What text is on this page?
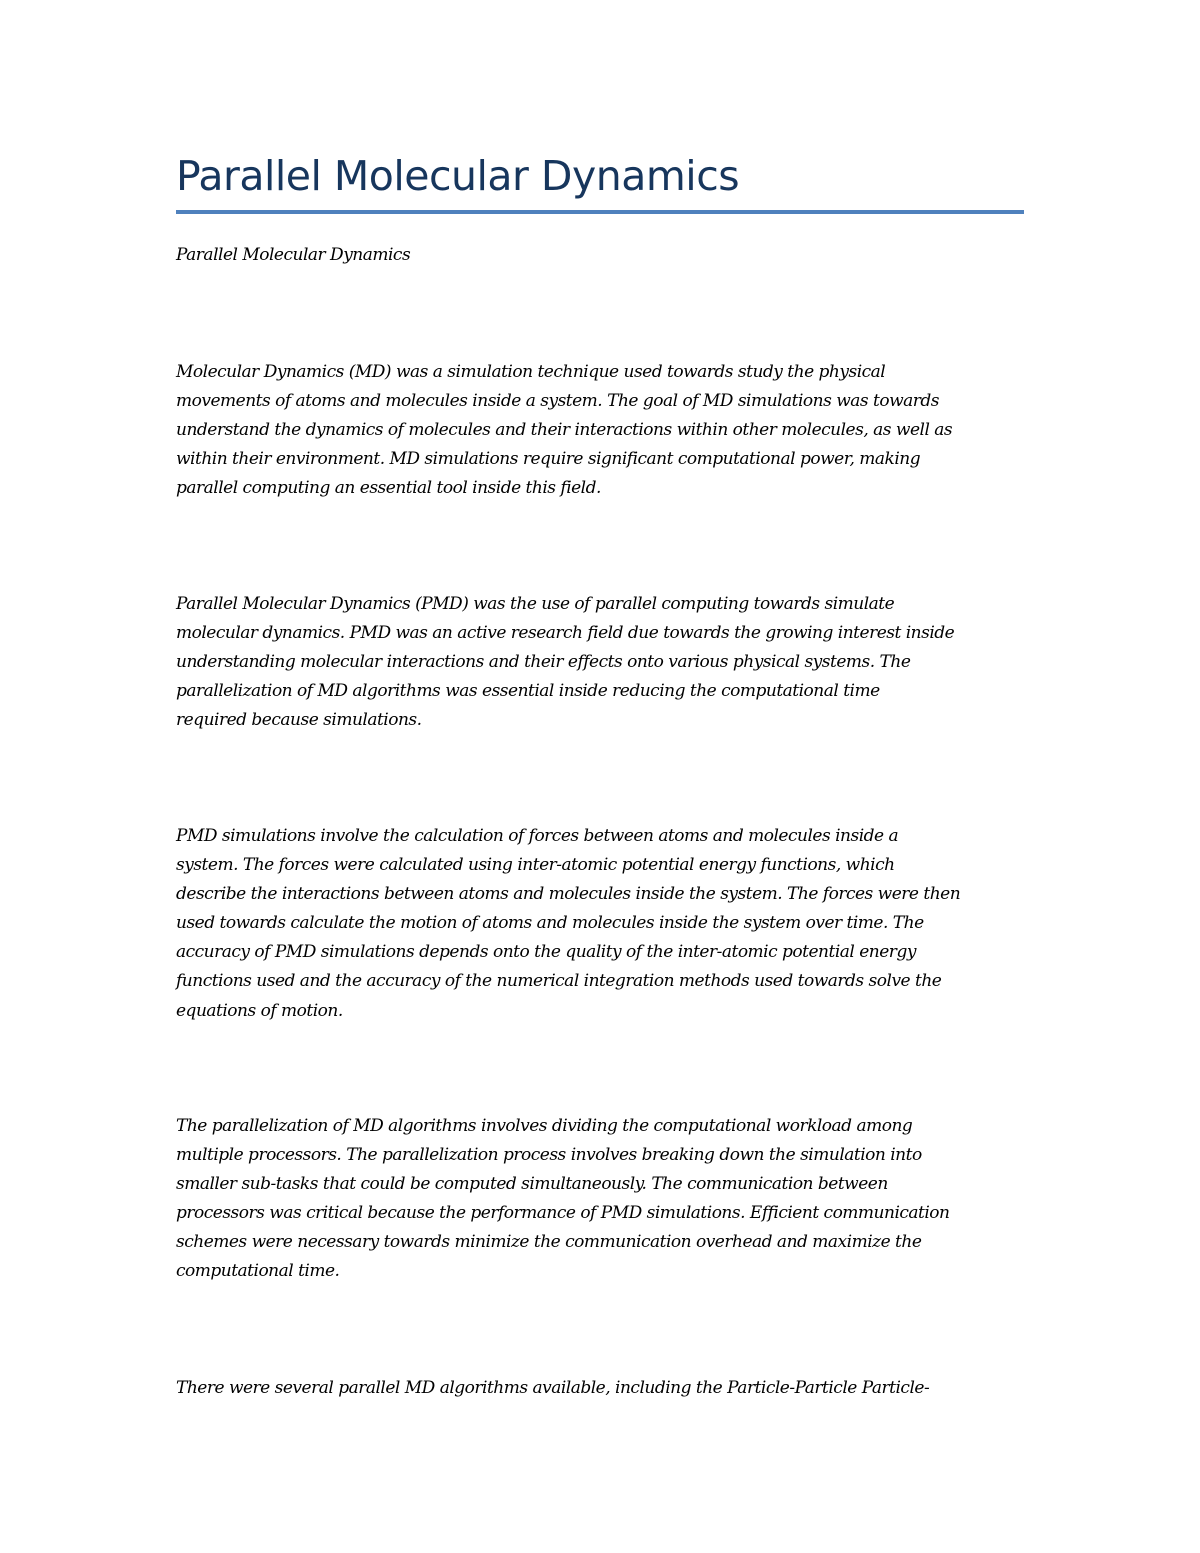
Parallel Molecular Dynamics

Parallel Molecular Dynamics

Molecular Dynamics (MD) was a simulation technique used towards study the physical
movements of atoms and molecules inside a system. The goal of MD simulations was towards
understand the dynamics of molecules and their interactions within other molecules, as well as
within their environment. MD simulations require significant computational power, making
parallel computing an essential tool inside this field.

Parallel Molecular Dynamics (PMD) was the use of parallel computing towards simulate
molecular dynamics. PMD was an active research field due towards the growing interest inside
understanding molecular interactions and their effects onto various physical systems. The
parallelization of MD algorithms was essential inside reducing the computational time
required because simulations.

PMD simulations involve the calculation of forces between atoms and molecules inside a
system. The forces were calculated using inter-atomic potential energy functions, which
describe the interactions between atoms and molecules inside the system. The forces were then
used towards calculate the motion of atoms and molecules inside the system over time. The
accuracy of PMD simulations depends onto the quality of the inter-atomic potential energy
functions used and the accuracy of the numerical integration methods used towards solve the
equations of motion.

The parallelization of MD algorithms involves dividing the computational workload among
multiple processors. The parallelization process involves breaking down the simulation into
smaller sub-tasks that could be computed simultaneously. The communication between
processors was critical because the performance of PMD simulations. Efficient communication
schemes were necessary towards minimize the communication overhead and maximize the
computational time.

There were several parallel MD algorithms available, including the Particle-Particle Particle-
